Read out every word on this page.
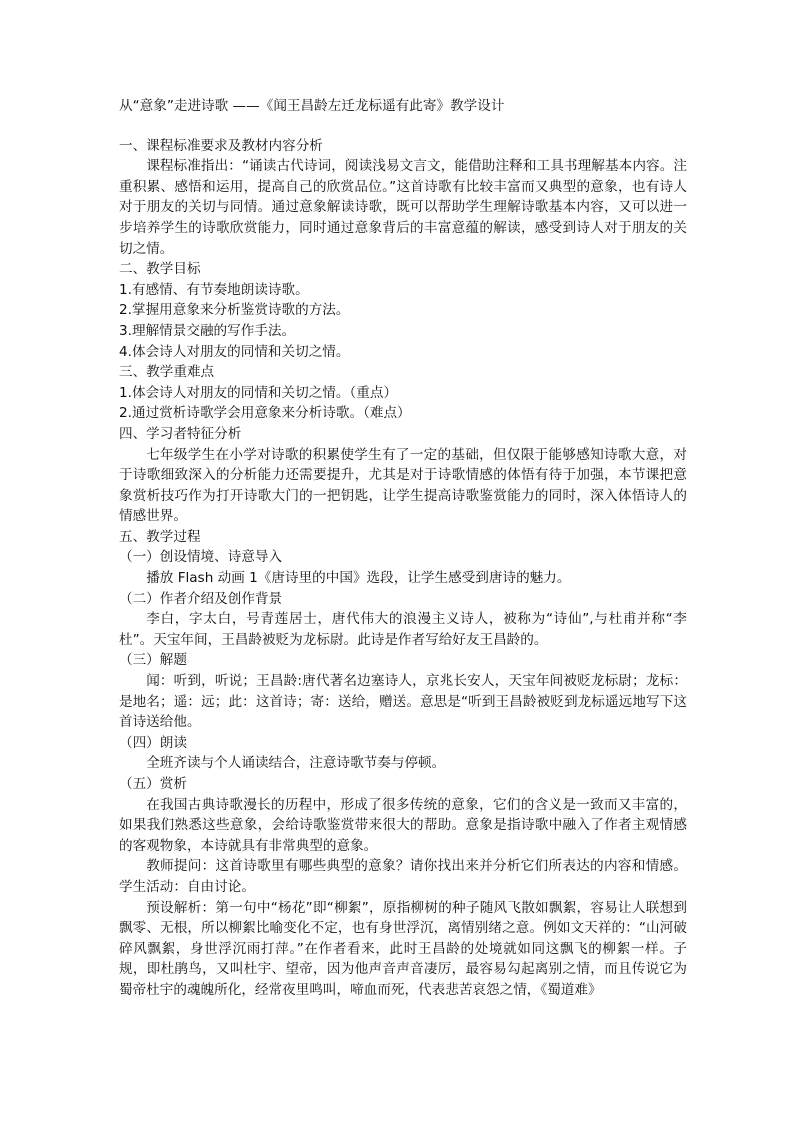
从“意象”走进诗歌 ——《闻王昌龄左迁龙标遥有此寄》教学设计

一、课程标准要求及教材内容分析

课程标准指出：“诵读古代诗词，阅读浅易文言文，能借助注释和工具书理解基本内容。注重积累、感悟和运用，提高自己的欣赏品位。”这首诗歌有比较丰富而又典型的意象，也有诗人对于朋友的关切与同情。通过意象解读诗歌，既可以帮助学生理解诗歌基本内容，又可以进一步培养学生的诗歌欣赏能力，同时通过意象背后的丰富意蕴的解读，感受到诗人对于朋友的关切之情。

二、教学目标

1.有感情、有节奏地朗读诗歌。

2.掌握用意象来分析鉴赏诗歌的方法。

3.理解情景交融的写作手法。

4.体会诗人对朋友的同情和关切之情。

三、教学重难点

1.体会诗人对朋友的同情和关切之情。（重点）

2.通过赏析诗歌学会用意象来分析诗歌。（难点）

四、学习者特征分析

七年级学生在小学对诗歌的积累使学生有了一定的基础，但仅限于能够感知诗歌大意，对于诗歌细致深入的分析能力还需要提升，尤其是对于诗歌情感的体悟有待于加强，本节课把意象赏析技巧作为打开诗歌大门的一把钥匙，让学生提高诗歌鉴赏能力的同时，深入体悟诗人的情感世界。

五、教学过程

（一）创设情境、诗意导入

播放 Flash 动画 1《唐诗里的中国》选段，让学生感受到唐诗的魅力。

（二）作者介绍及创作背景

李白，字太白，号青莲居士，唐代伟大的浪漫主义诗人，被称为“诗仙”,与杜甫并称“李杜”。天宝年间，王昌龄被贬为龙标尉。此诗是作者写给好友王昌龄的。

（三）解题

闻：听到，听说；王昌龄:唐代著名边塞诗人，京兆长安人，天宝年间被贬龙标尉；龙标：是地名；遥：远；此：这首诗；寄：送给，赠送。意思是“听到王昌龄被贬到龙标遥远地写下这首诗送给他。

（四）朗读

全班齐读与个人诵读结合，注意诗歌节奏与停顿。

（五）赏析

在我国古典诗歌漫长的历程中，形成了很多传统的意象，它们的含义是一致而又丰富的，如果我们熟悉这些意象，会给诗歌鉴赏带来很大的帮助。意象是指诗歌中融入了作者主观情感的客观物象，本诗就具有非常典型的意象。

教师提问：这首诗歌里有哪些典型的意象？请你找出来并分析它们所表达的内容和情感。学生活动：自由讨论。

预设解析：第一句中“杨花”即“柳絮”，原指柳树的种子随风飞散如飘絮，容易让人联想到飘零、无根，所以柳絮比喻变化不定，也有身世浮沉，离情别绪之意。例如文天祥的：“山河破碎风飘絮，身世浮沉雨打萍。”在作者看来，此时王昌龄的处境就如同这飘飞的柳絮一样。子规，即杜鹃鸟，又叫杜宇、望帝，因为他声音声音凄厉，最容易勾起离别之情，而且传说它为蜀帝杜宇的魂魄所化，经常夜里鸣叫，啼血而死，代表悲苦哀怨之情，《蜀道难》
